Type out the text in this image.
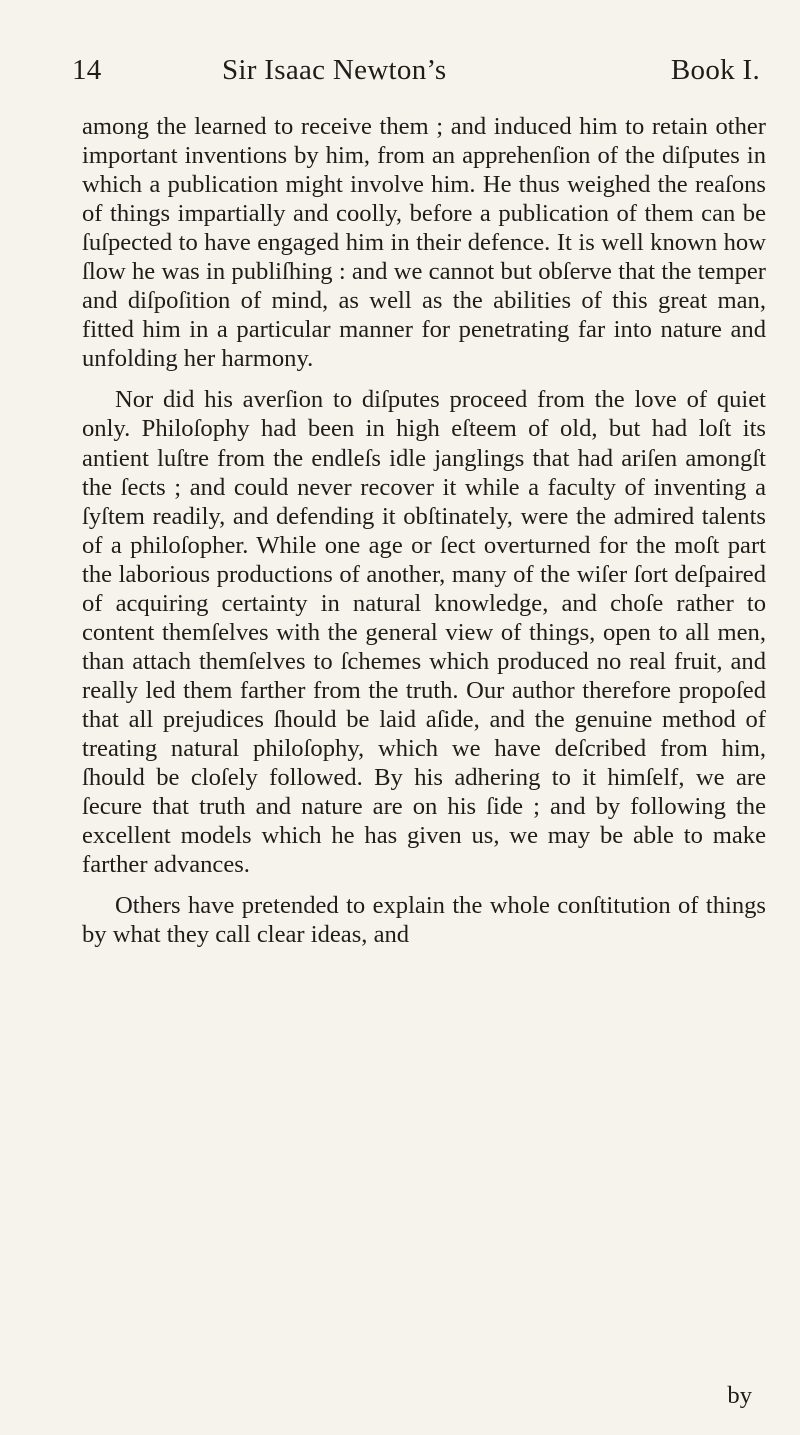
14	Sir Isaac Newton’s	Book I.

among the learned to receive them ; and induced him to retain other important inventions by him, from an apprehenſion of the diſputes in which a publication might involve him. He thus weighed the reaſons of things impartially and coolly, before a publication of them can be ſuſpected to have engaged him in their defence. It is well known how ſlow he was in publiſhing : and we cannot but obſerve that the temper and diſpoſition of mind, as well as the abilities of this great man, fitted him in a particular manner for penetrating far into nature and unfolding her harmony.

Nor did his averſion to diſputes proceed from the love of quiet only. Philoſophy had been in high eſteem of old, but had loſt its antient luſtre from the endleſs idle janglings that had ariſen amongſt the ſects ; and could never recover it while a faculty of inventing a ſyſtem readily, and defending it obſtinately, were the admired talents of a philoſopher. While one age or ſect overturned for the moſt part the laborious productions of another, many of the wiſer ſort deſpaired of acquiring certainty in natural knowledge, and choſe rather to content themſelves with the general view of things, open to all men, than attach themſelves to ſchemes which produced no real fruit, and really led them farther from the truth. Our author therefore propoſed that all prejudices ſhould be laid aſide, and the genuine method of treating natural philoſophy, which we have deſcribed from him, ſhould be cloſely followed. By his adhering to it himſelf, we are ſecure that truth and nature are on his ſide ; and by following the excellent models which he has given us, we may be able to make farther advances.

Others have pretended to explain the whole conſtitution of things by what they call clear ideas, and

by
